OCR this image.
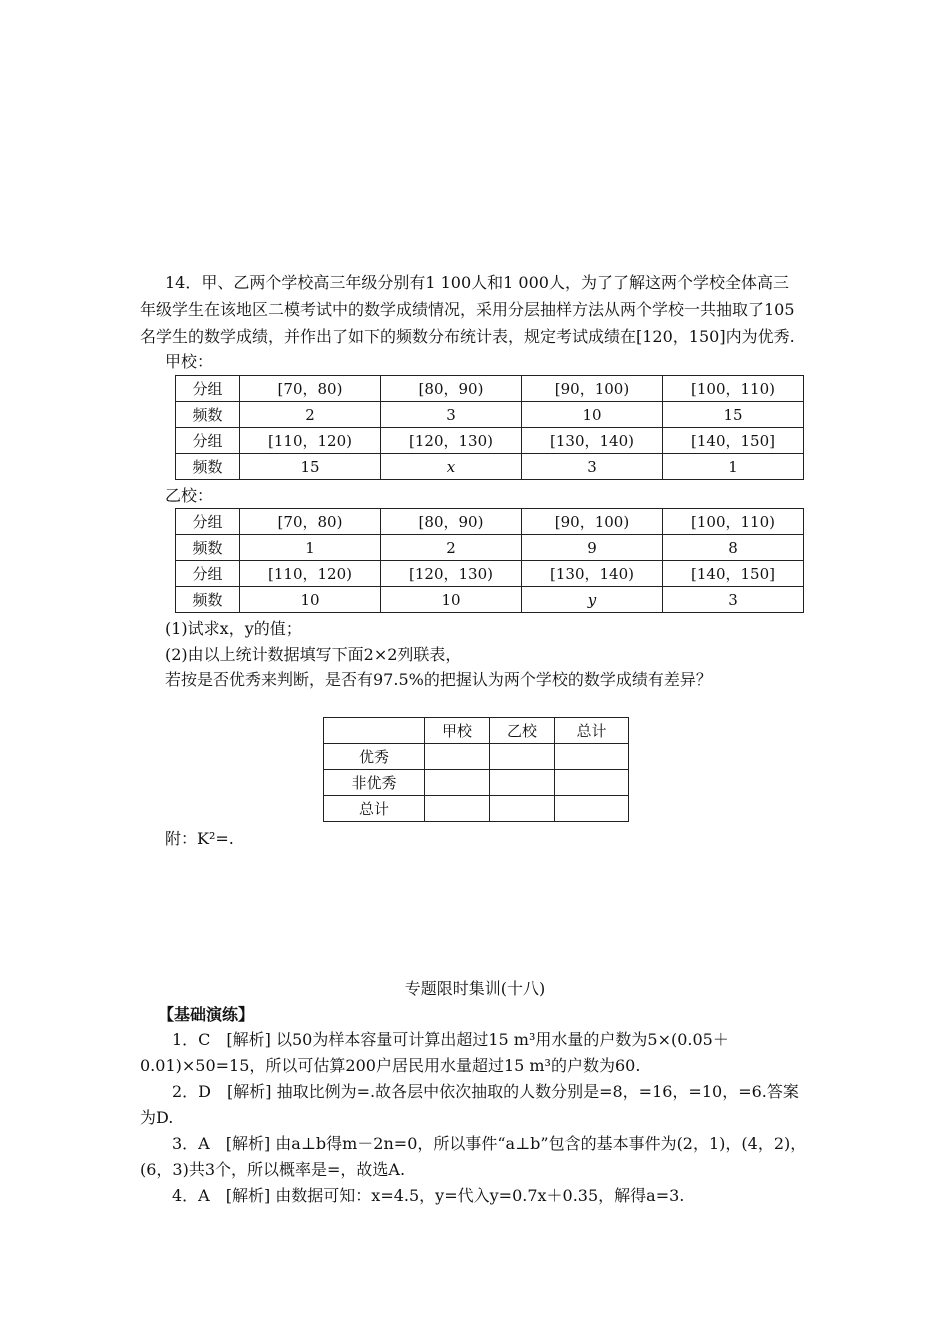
14．甲、乙两个学校高三年级分别有1 100人和1 000人，为了了解这两个学校全体高三
年级学生在该地区二模考试中的数学成绩情况，采用分层抽样方法从两个学校一共抽取了105
名学生的数学成绩，并作出了如下的频数分布统计表，规定考试成绩在[120，150]内为优秀.
甲校：
分组	[70，80)	[80，90)	[90，100)	[100，110)
频数	2	3	10	15
分组	[110，120)	[120，130)	[130，140)	[140，150]
频数	15	x	3	1
乙校：
分组	[70，80)	[80，90)	[90，100)	[100，110)
频数	1	2	9	8
分组	[110，120)	[120，130)	[130，140)	[140，150]
频数	10	10	y	3
(1)试求x，y的值；
(2)由以上统计数据填写下面2×2列联表，
若按是否优秀来判断，是否有97.5%的把握认为两个学校的数学成绩有差异？
	甲校	乙校	总计
优秀			
非优秀			
总计			
附：K²=.
专题限时集训(十八)
【基础演练】
1．C　[解析] 以50为样本容量可计算出超过15 m³用水量的户数为5×(0.05＋
0.01)×50=15，所以可估算200户居民用水量超过15 m³的户数为60.
2．D　[解析] 抽取比例为=.故各层中依次抽取的人数分别是=8，=16，=10，=6.答案
为D.
3．A　[解析] 由a⊥b得m－2n=0，所以事件“a⊥b”包含的基本事件为(2，1)，(4，2)，
(6，3)共3个，所以概率是=，故选A.
4．A　[解析] 由数据可知：x=4.5，y=代入y=0.7x＋0.35，解得a=3.
